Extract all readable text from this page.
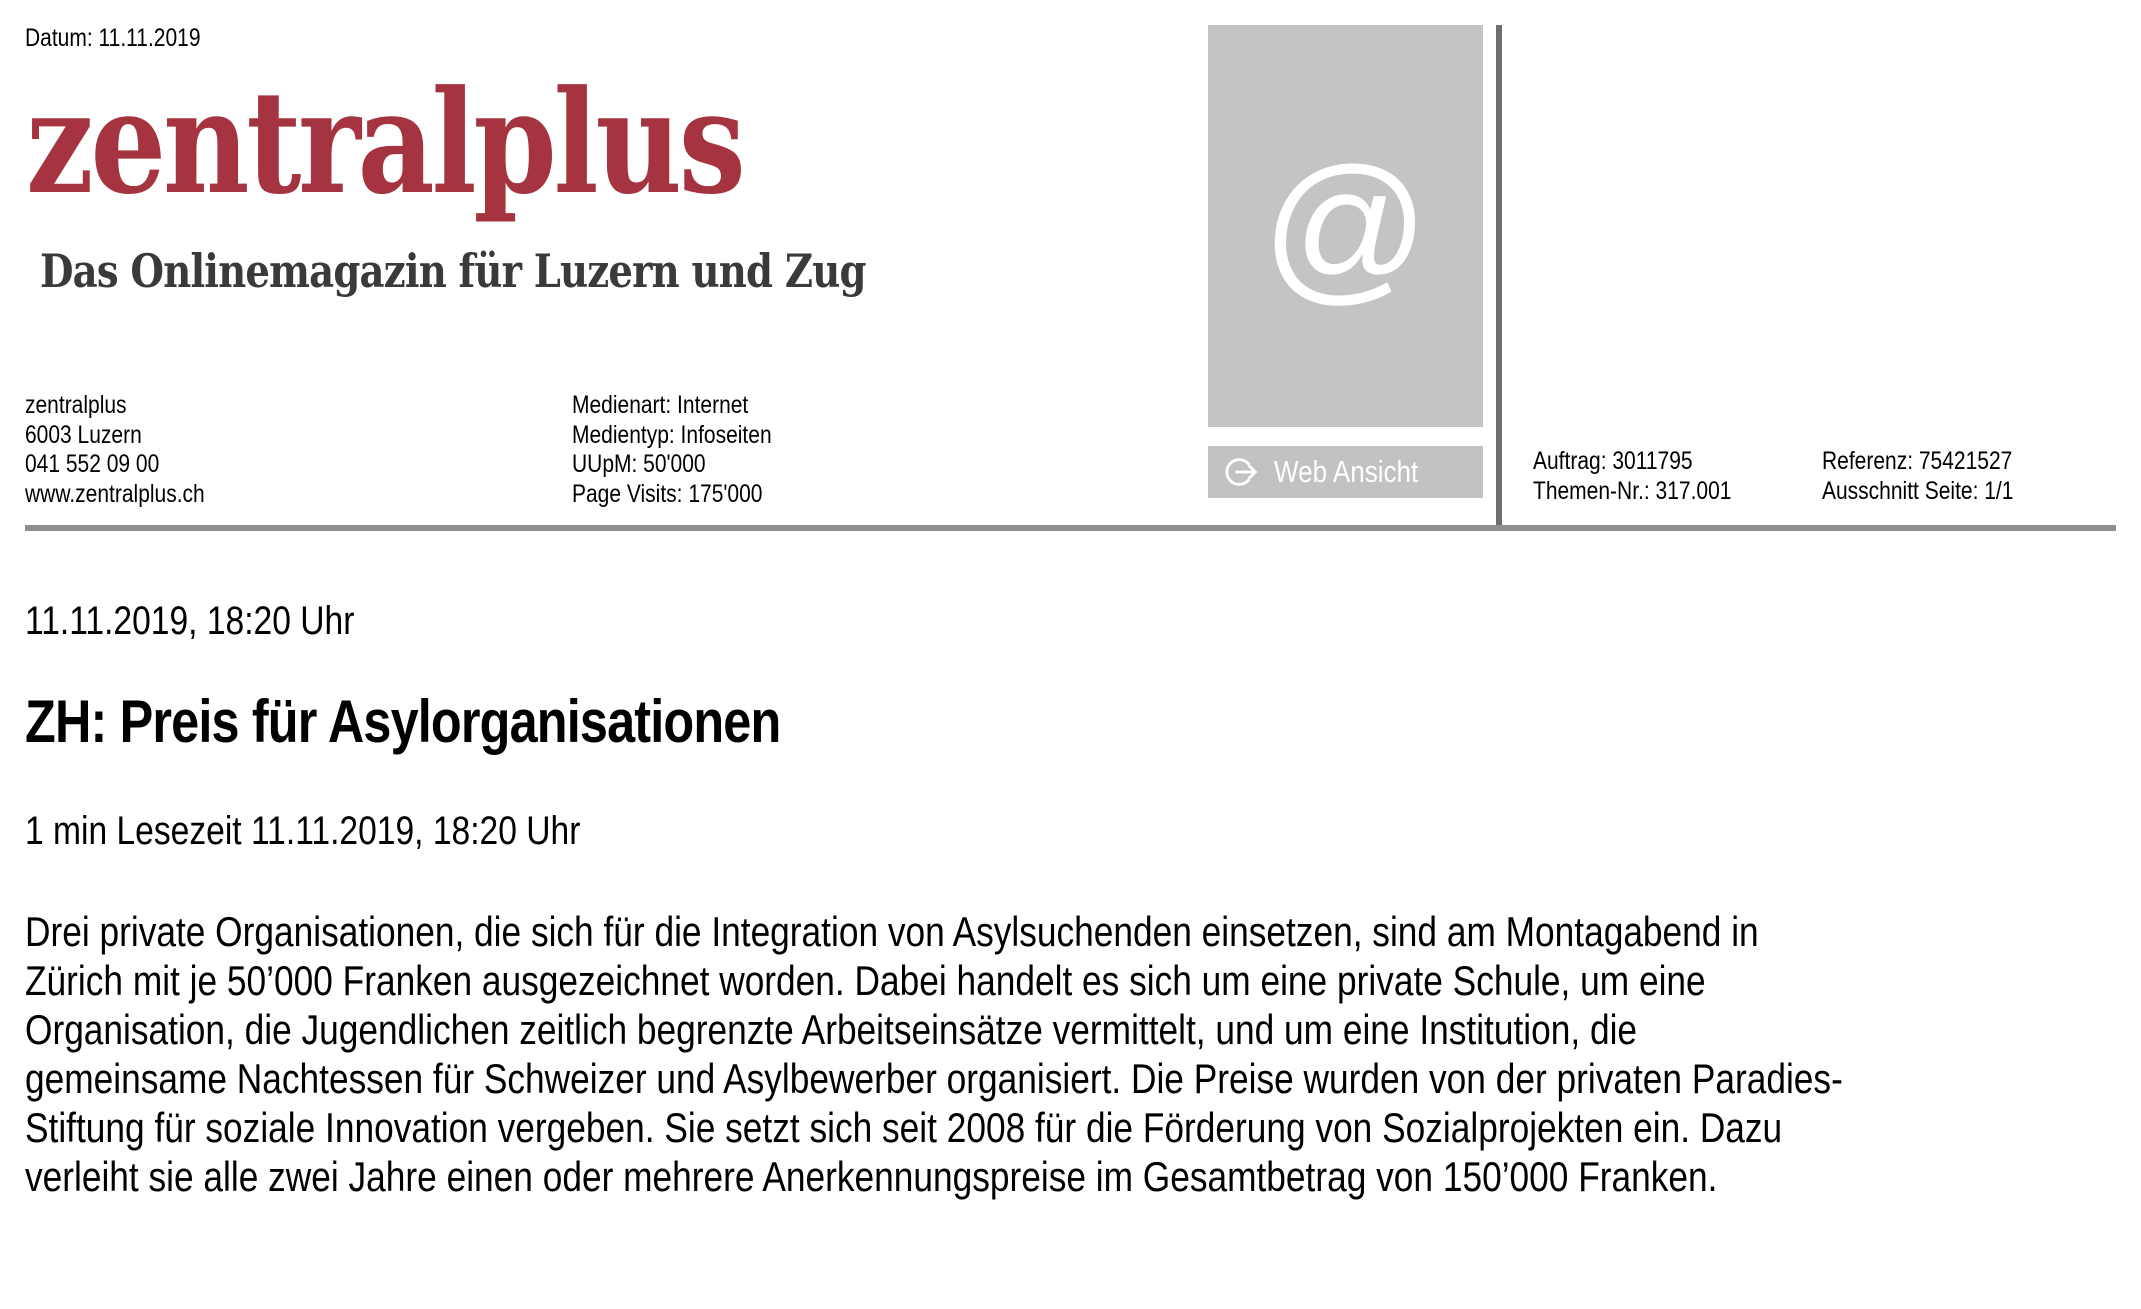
Datum: 11.11.2019
zentralplus
Das Onlinemagazin für Luzern und Zug
zentralplus
6003 Luzern
041 552 09 00
www.zentralplus.ch
Medienart: Internet
Medientyp: Infoseiten
UUpM: 50'000
Page Visits: 175'000
@
Web Ansicht	Auftrag: 3011795
Themen-Nr.: 317.001
Referenz: 75421527
Ausschnitt Seite: 1/1
11.11.2019, 18:20 Uhr
ZH: Preis für Asylorganisationen
1 min Lesezeit 11.11.2019, 18:20 Uhr
Drei private Organisationen, die sich für die Integration von Asylsuchenden einsetzen, sind am Montagabend in
Zürich mit je 50’000 Franken ausgezeichnet worden. Dabei handelt es sich um eine private Schule, um eine
Organisation, die Jugendlichen zeitlich begrenzte Arbeitseinsätze vermittelt, und um eine Institution, die
gemeinsame Nachtessen für Schweizer und Asylbewerber organisiert. Die Preise wurden von der privaten Paradies-
Stiftung für soziale Innovation vergeben. Sie setzt sich seit 2008 für die Förderung von Sozialprojekten ein. Dazu
verleiht sie alle zwei Jahre einen oder mehrere Anerkennungspreise im Gesamtbetrag von 150’000 Franken.
